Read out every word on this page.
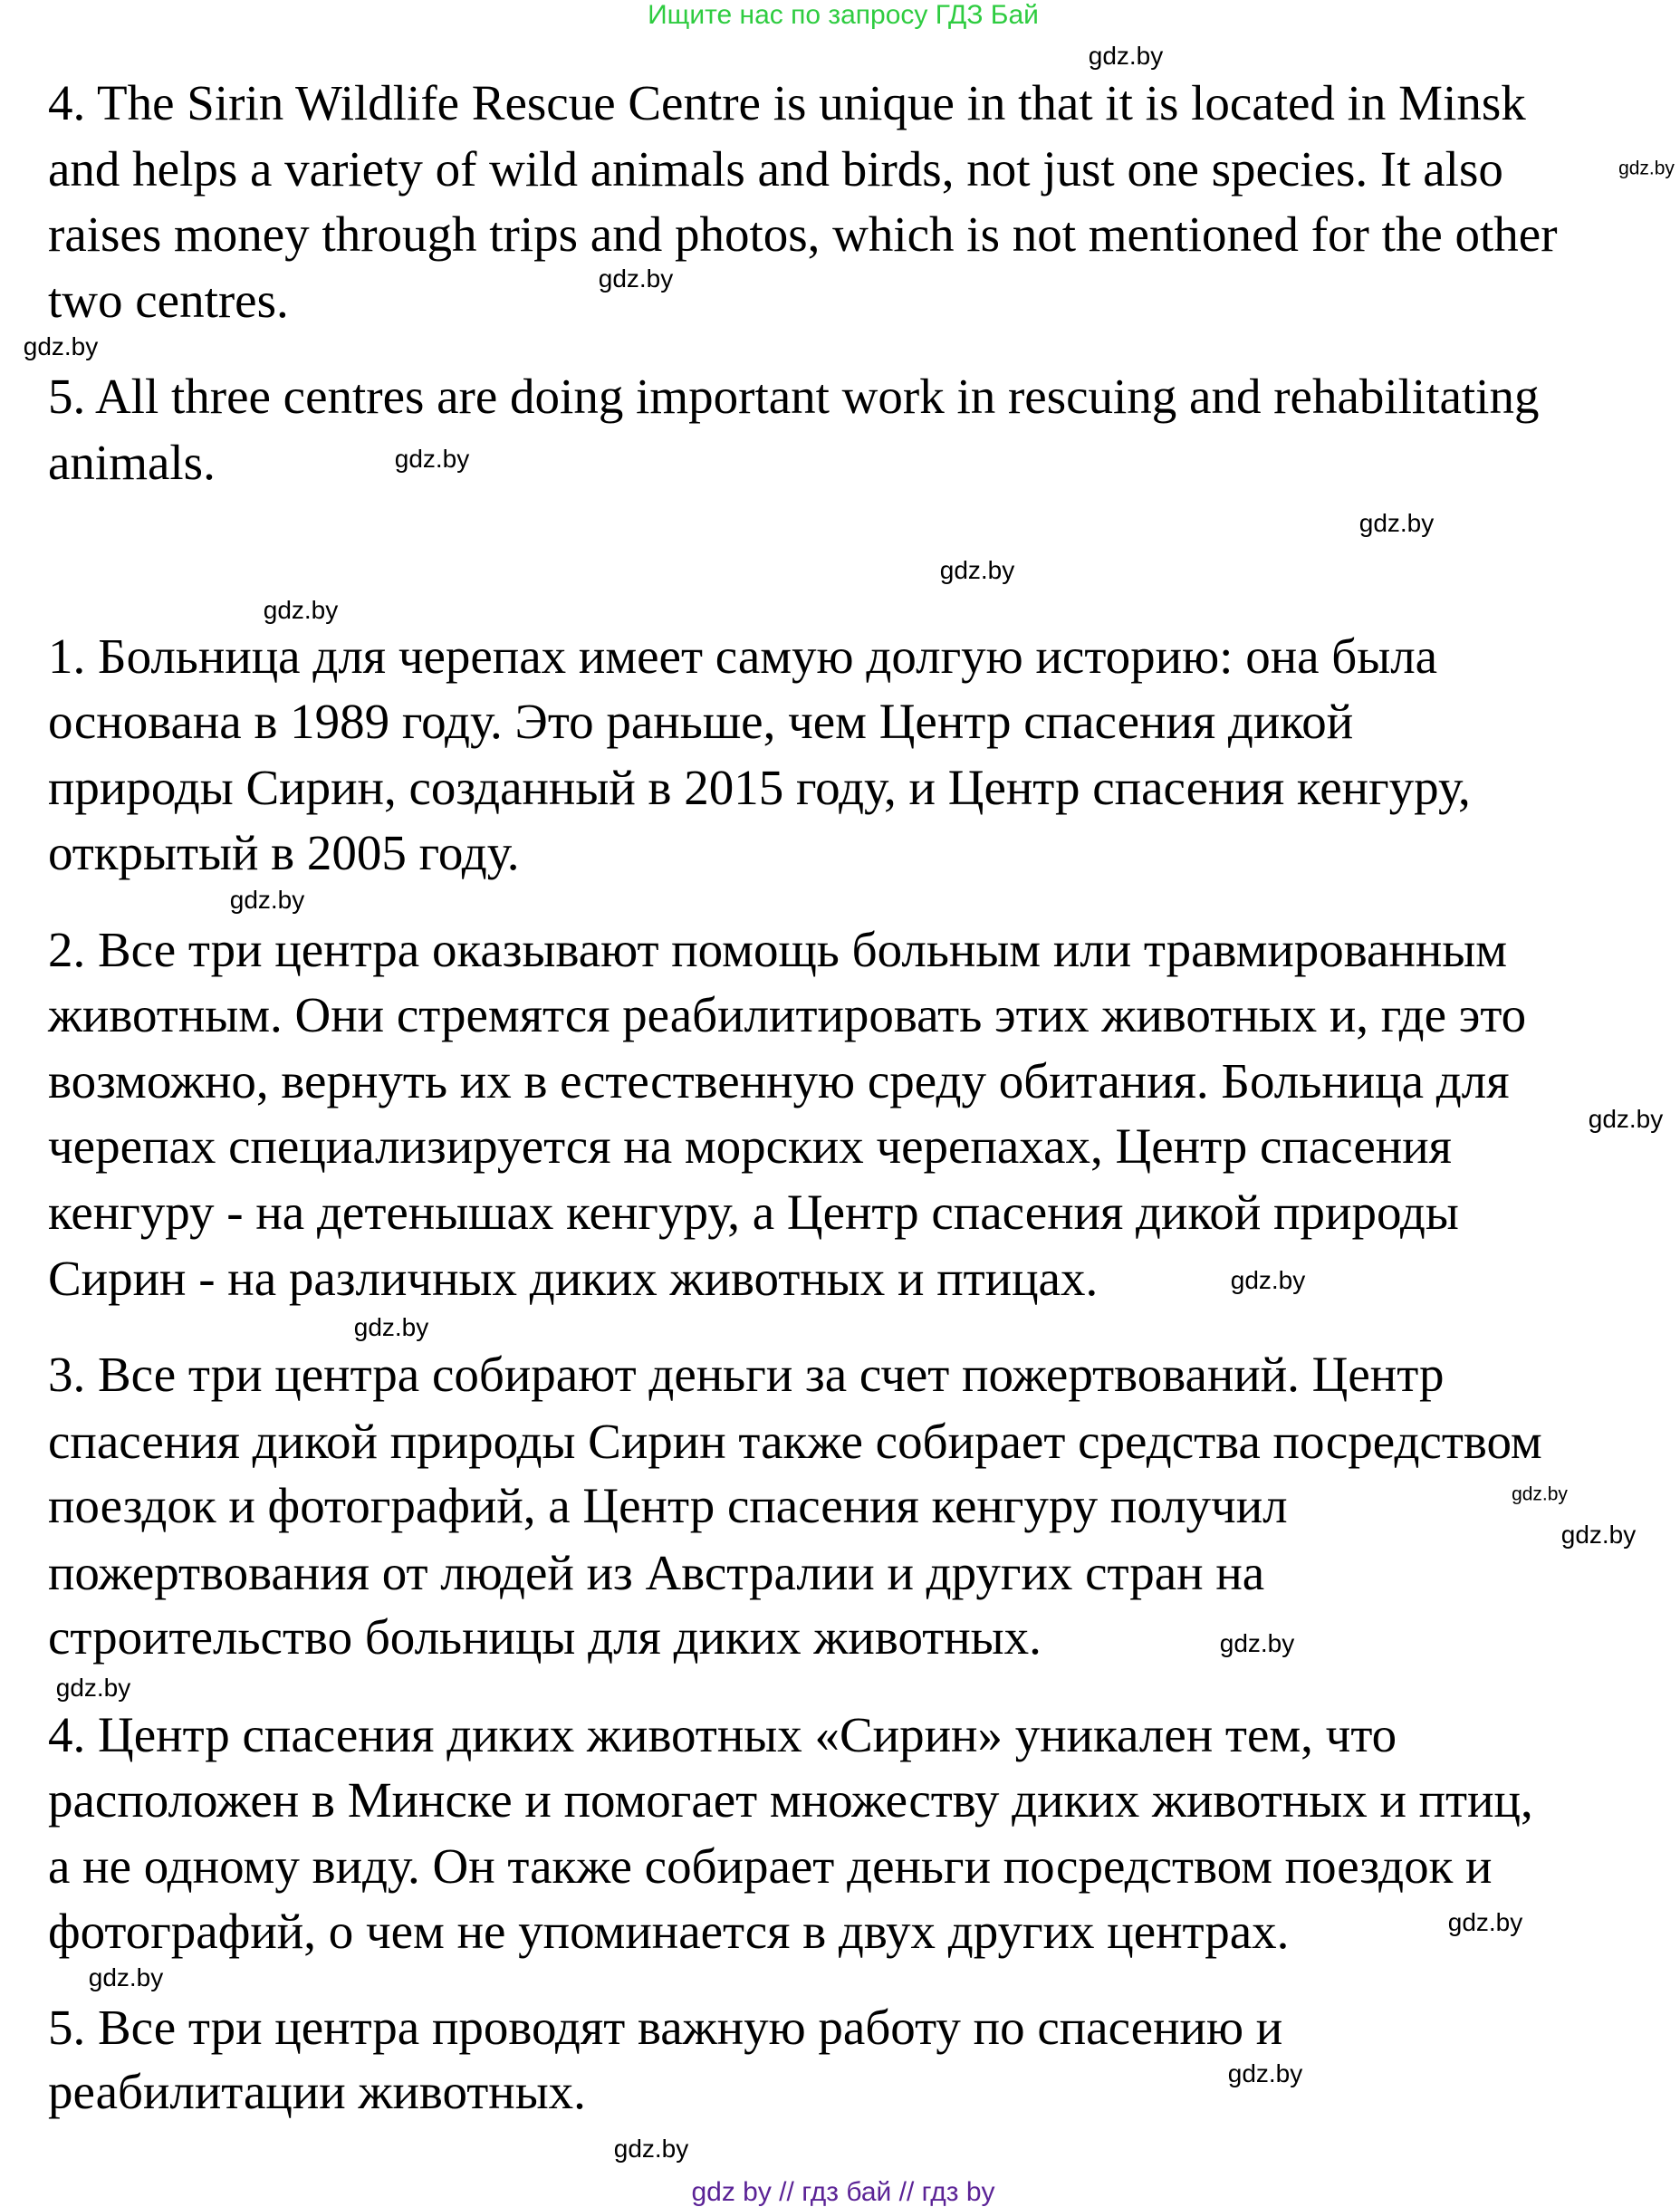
Ищите нас по запросу ГДЗ Бай
4. The Sirin Wildlife Rescue Centre is unique in that it is located in Minsk
and helps a variety of wild animals and birds, not just one species. It also
raises money through trips and photos, which is not mentioned for the other
two centres.
5. All three centres are doing important work in rescuing and rehabilitating
animals.
1. Больница для черепах имеет самую долгую историю: она была
основана в 1989 году. Это раньше, чем Центр спасения дикой
природы Сирин, созданный в 2015 году, и Центр спасения кенгуру,
открытый в 2005 году.
2. Все три центра оказывают помощь больным или травмированным
животным. Они стремятся реабилитировать этих животных и, где это
возможно, вернуть их в естественную среду обитания. Больница для
черепах специализируется на морских черепахах, Центр спасения
кенгуру - на детенышах кенгуру, а Центр спасения дикой природы
Сирин - на различных диких животных и птицах.
3. Все три центра собирают деньги за счет пожертвований. Центр
спасения дикой природы Сирин также собирает средства посредством
поездок и фотографий, а Центр спасения кенгуру получил
пожертвования от людей из Австралии и других стран на
строительство больницы для диких животных.
4. Центр спасения диких животных «Сирин» уникален тем, что
расположен в Минске и помогает множеству диких животных и птиц,
а не одному виду. Он также собирает деньги посредством поездок и
фотографий, о чем не упоминается в двух других центрах.
5. Все три центра проводят важную работу по спасению и
реабилитации животных.
gdz.by
gdz.by
gdz.by
gdz.by
gdz.by
gdz.by
gdz.by
gdz.by
gdz.by
gdz.by
gdz.by
gdz.by
gdz.by
gdz.by
gdz.by
gdz.by
gdz.by
gdz.by
gdz.by
gdz.by
gdz by // гдз бай // гдз by
